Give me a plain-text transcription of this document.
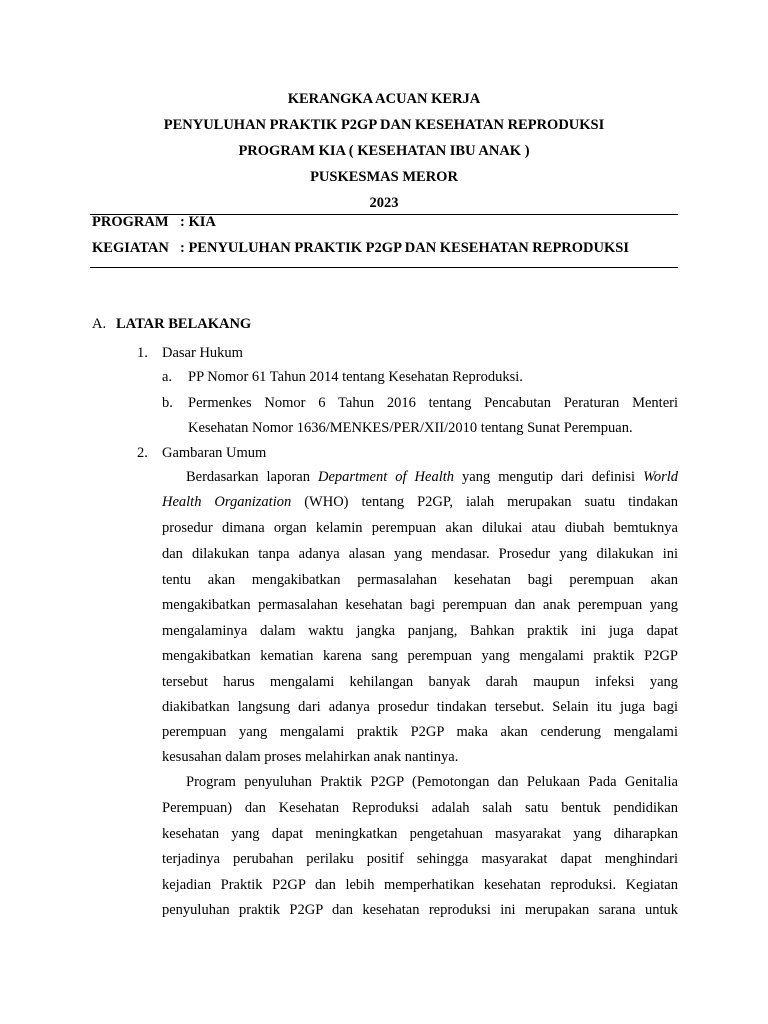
KERANGKA ACUAN KERJA
PENYULUHAN PRAKTIK P2GP DAN KESEHATAN REPRODUKSI
PROGRAM KIA ( KESEHATAN IBU ANAK )
PUSKESMAS MEROR
2023
PROGRAM: KIA
KEGIATAN: PENYULUHAN PRAKTIK P2GP DAN KESEHATAN REPRODUKSI
A. LATAR BELAKANG
1. Dasar Hukum
a. PP Nomor 61 Tahun 2014 tentang Kesehatan Reproduksi.
b. Permenkes Nomor 6 Tahun 2016 tentang Pencabutan Peraturan Menteri
Kesehatan Nomor 1636/MENKES/PER/XII/2010 tentang Sunat Perempuan.
2. Gambaran Umum
Berdasarkan laporan Department of Health yang mengutip dari definisi World
Health Organization (WHO) tentang P2GP, ialah merupakan suatu tindakan
prosedur dimana organ kelamin perempuan akan dilukai atau diubah bemtuknya
dan dilakukan tanpa adanya alasan yang mendasar. Prosedur yang dilakukan ini
tentu akan mengakibatkan permasalahan kesehatan bagi perempuan akan
mengakibatkan permasalahan kesehatan bagi perempuan dan anak perempuan yang
mengalaminya dalam waktu jangka panjang, Bahkan praktik ini juga dapat
mengakibatkan kematian karena sang perempuan yang mengalami praktik P2GP
tersebut harus mengalami kehilangan banyak darah maupun infeksi yang
diakibatkan langsung dari adanya prosedur tindakan tersebut. Selain itu juga bagi
perempuan yang mengalami praktik P2GP maka akan cenderung mengalami
kesusahan dalam proses melahirkan anak nantinya.
Program penyuluhan Praktik P2GP (Pemotongan dan Pelukaan Pada Genitalia
Perempuan) dan Kesehatan Reproduksi adalah salah satu bentuk pendidikan
kesehatan yang dapat meningkatkan pengetahuan masyarakat yang diharapkan
terjadinya perubahan perilaku positif sehingga masyarakat dapat menghindari
kejadian Praktik P2GP dan lebih memperhatikan kesehatan reproduksi. Kegiatan
penyuluhan praktik P2GP dan kesehatan reproduksi ini merupakan sarana untuk
